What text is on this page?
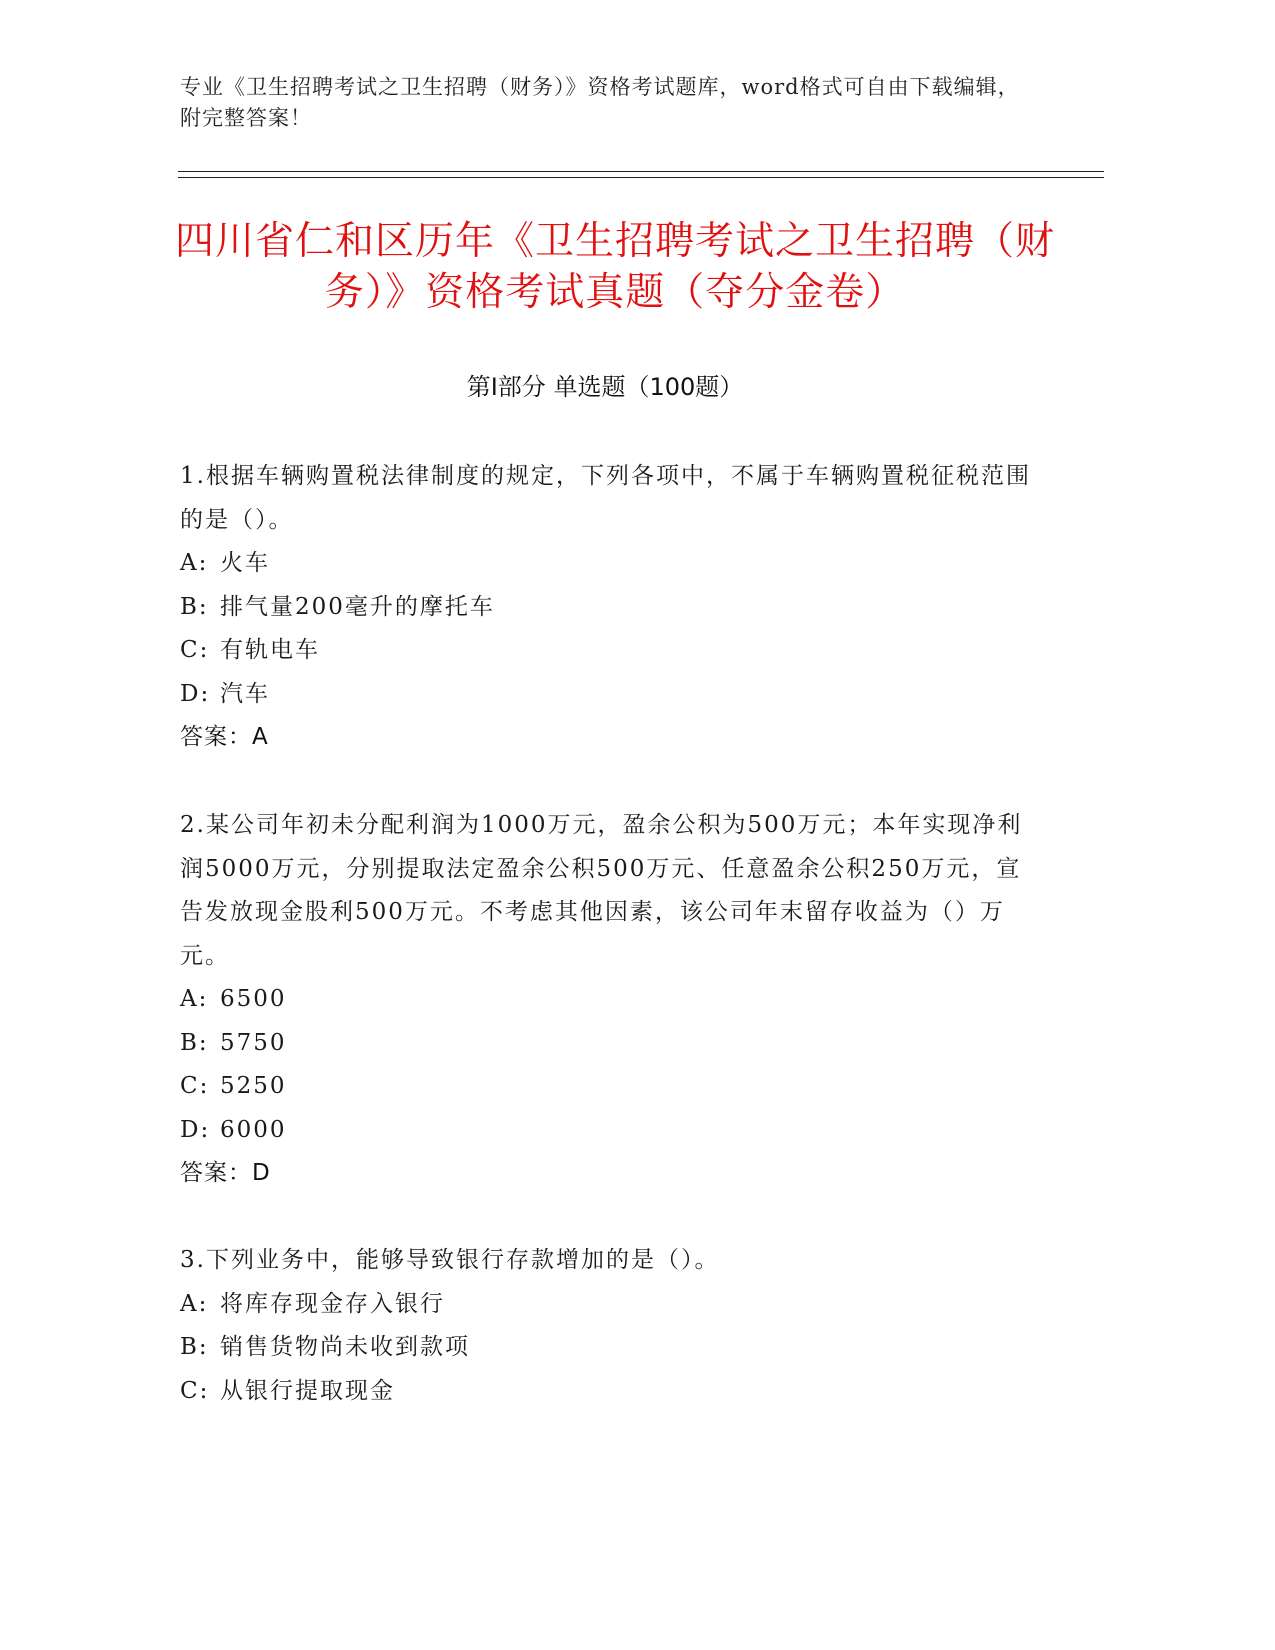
专业《卫生招聘考试之卫生招聘（财务）》资格考试题库，word格式可自由下载编辑，附完整答案！
四川省仁和区历年《卫生招聘考试之卫生招聘（财务）》资格考试真题（夺分金卷）
第I部分 单选题（100题）

1.根据车辆购置税法律制度的规定，下列各项中，不属于车辆购置税征税范围的是（）。

A: 火车
B: 排气量200毫升的摩托车
C: 有轨电车
D: 汽车
答案：A

2.某公司年初未分配利润为1000万元，盈余公积为500万元；本年实现净利润5000万元，分别提取法定盈余公积500万元、任意盈余公积250万元，宣告发放现金股利500万元。不考虑其他因素，该公司年末留存收益为（）万元。

A: 6500
B: 5750
C: 5250
D: 6000
答案：D

3.下列业务中，能够导致银行存款增加的是（）。

A: 将库存现金存入银行
B: 销售货物尚未收到款项
C: 从银行提取现金
